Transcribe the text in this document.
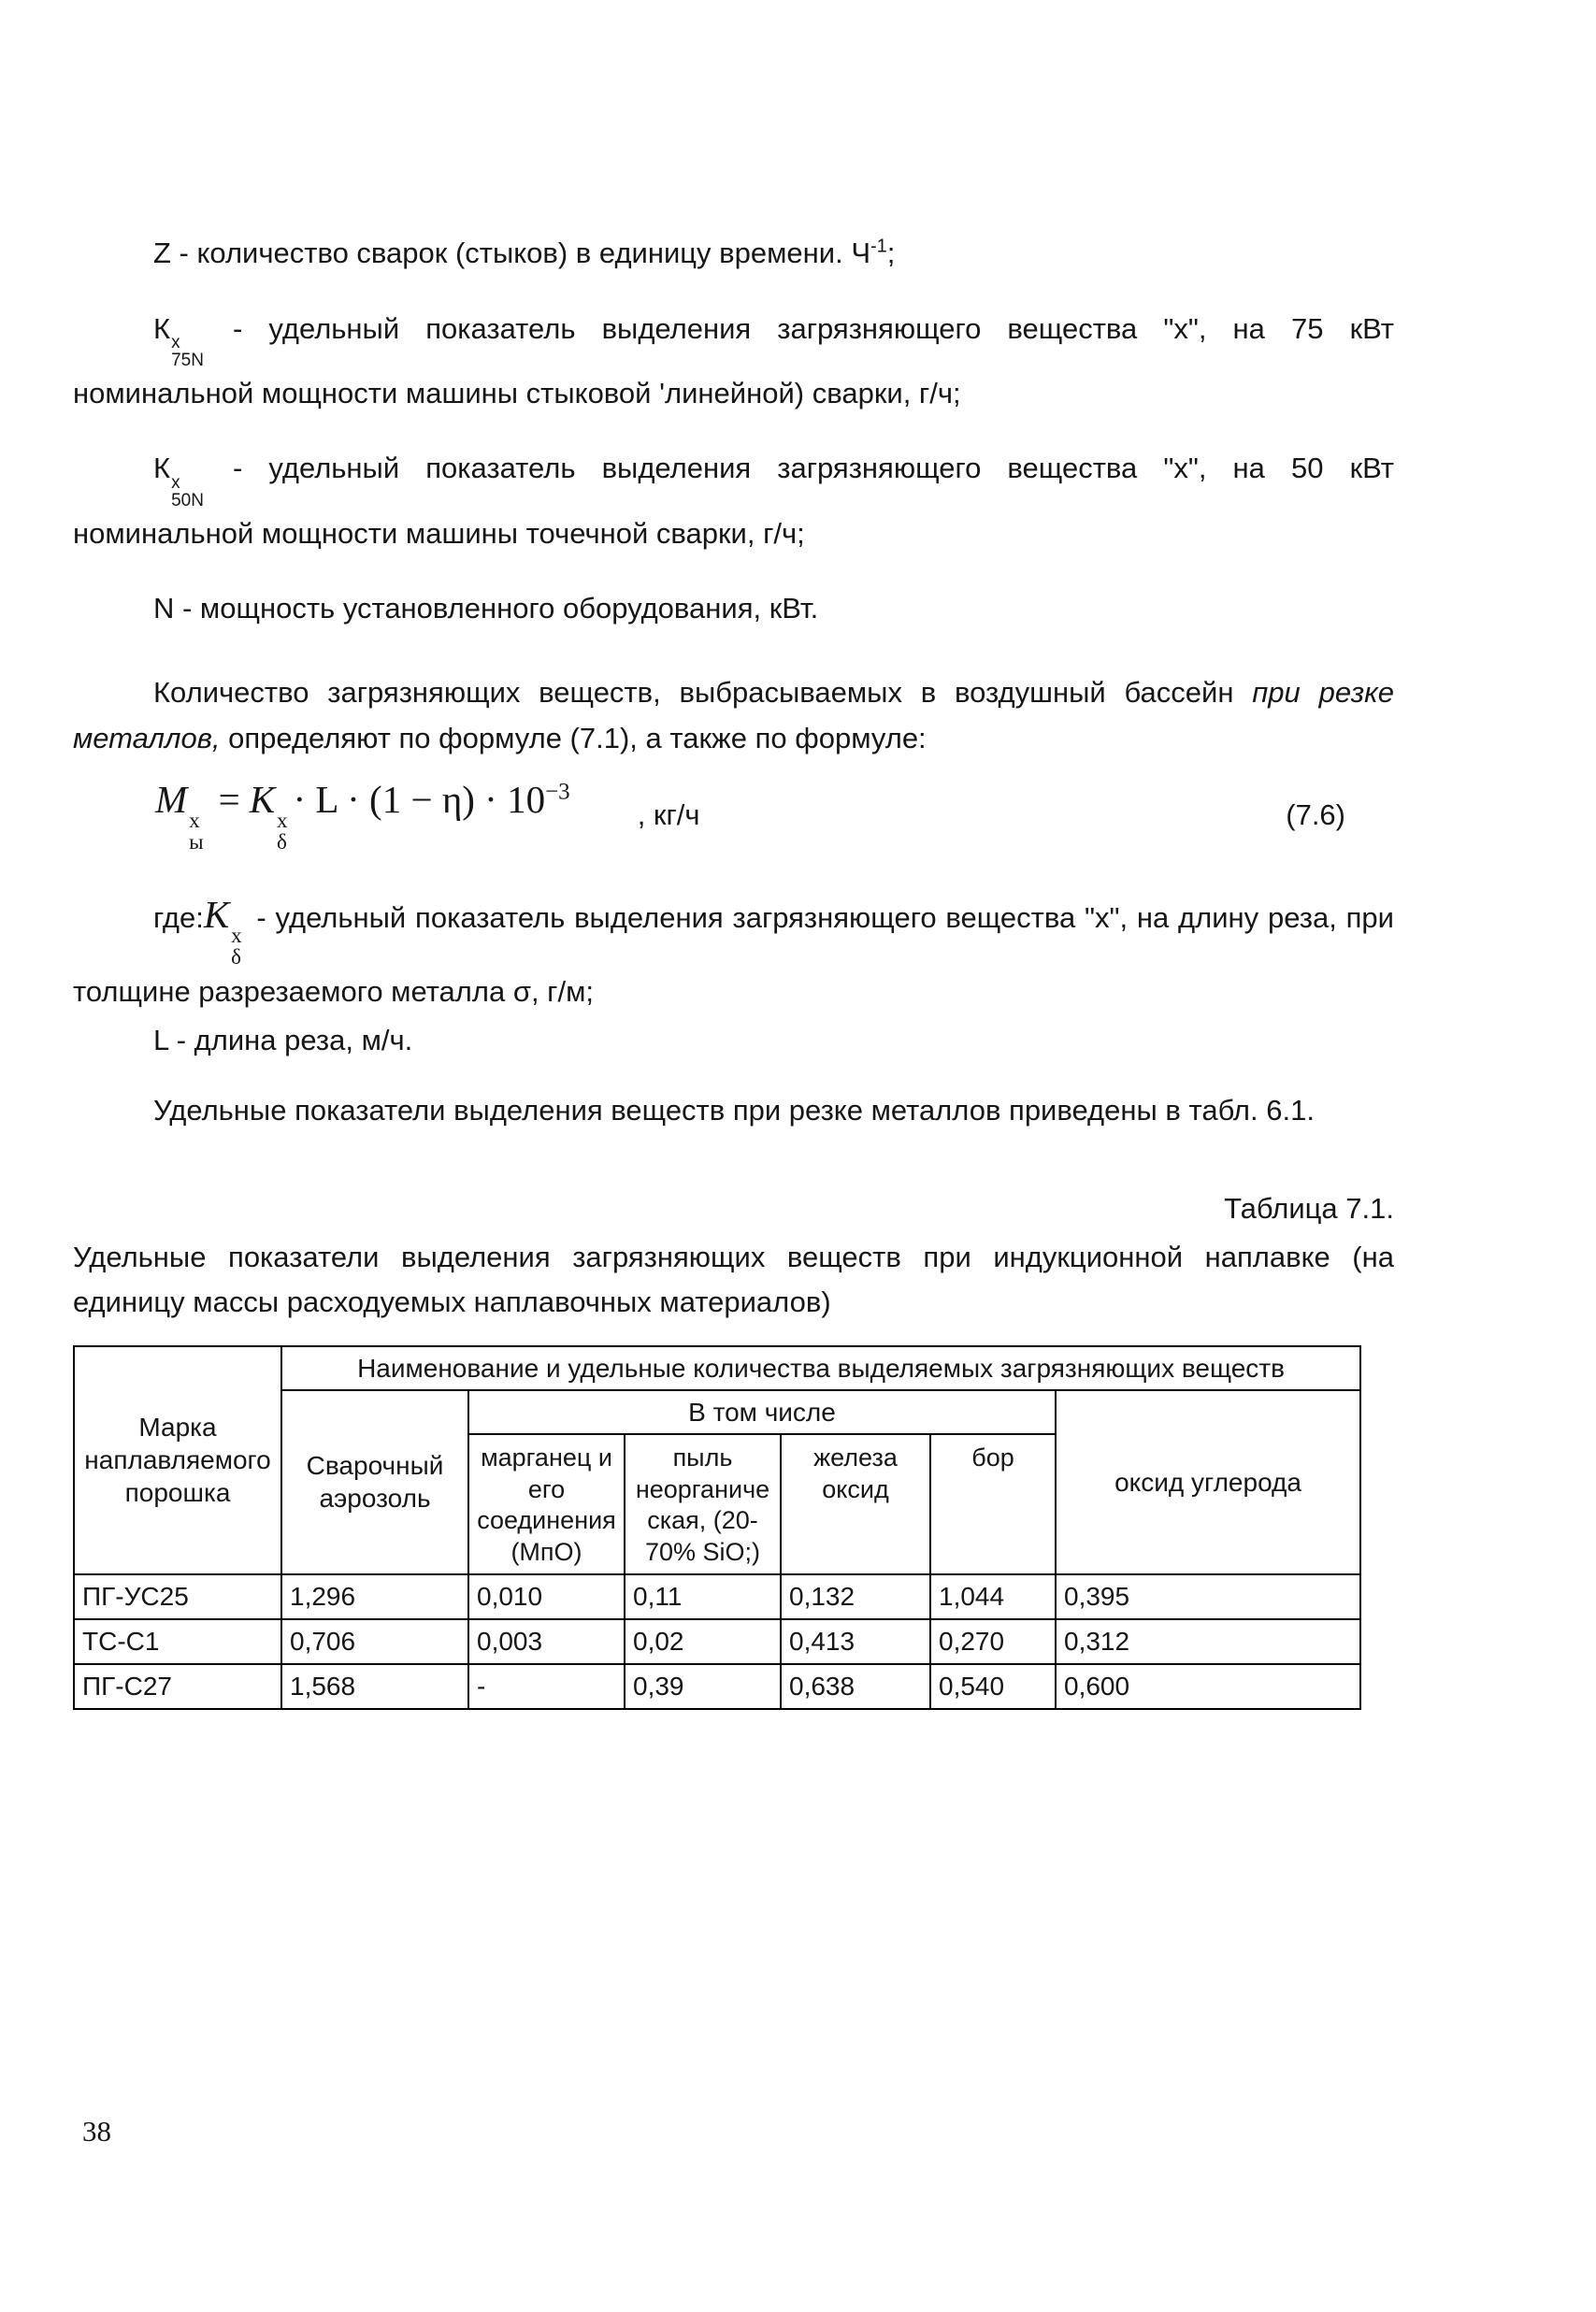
Z - количество сварок (стыков) в единицу времени. $Ч^{-1}$;

К х
75N
- удельный показатель выделения загрязняющего вещества "х", на 75 кВт номинальной мощности машины стыковой 'линейной) сварки, г/ч;

К х
50N
- удельный показатель выделения загрязняющего вещества "х", на 50 кВт номинальной мощности машины точечной сварки, г/ч;

N - мощность установленного оборудования, кВт.

Количество загрязняющих веществ, выбрасываемых в воздушный бассейн при резке металлов, определяют по формуле (7.1), а также по формуле:

М х
ы
= К х
δ
· $L \cdot (1 - \eta) \cdot 10^{-3}$
, кг/ч	(7.6)

где:К х
δ
- удельный показатель выделения загрязняющего вещества "х", на длину реза, при толщине разрезаемого металла σ, г/м;

L - длина реза, м/ч.

Удельные показатели выделения веществ при резке металлов приведены в табл. 6.1.

Таблица 7.1.

Удельные показатели выделения загрязняющих веществ при индукционной наплавке (на единицу массы расходуемых наплавочных материалов)

Марка наплавляемого порошка	Наименование и удельные количества выделяемых загрязняющих веществ					
	Сварочный аэрозоль	В том числе				оксид углерода
		марганец и его соединения (МпО)	пыль неорганическая, (20-70% SiO;)	железа оксид	бор	
ПГ-УС25	1,296	0,010	0,11	0,132	1,044	0,395
ТС-С1	0,706	0,003	0,02	0,413	0,270	0,312
ПГ-С27	1,568	-	0,39	0,638	0,540	0,600
38
